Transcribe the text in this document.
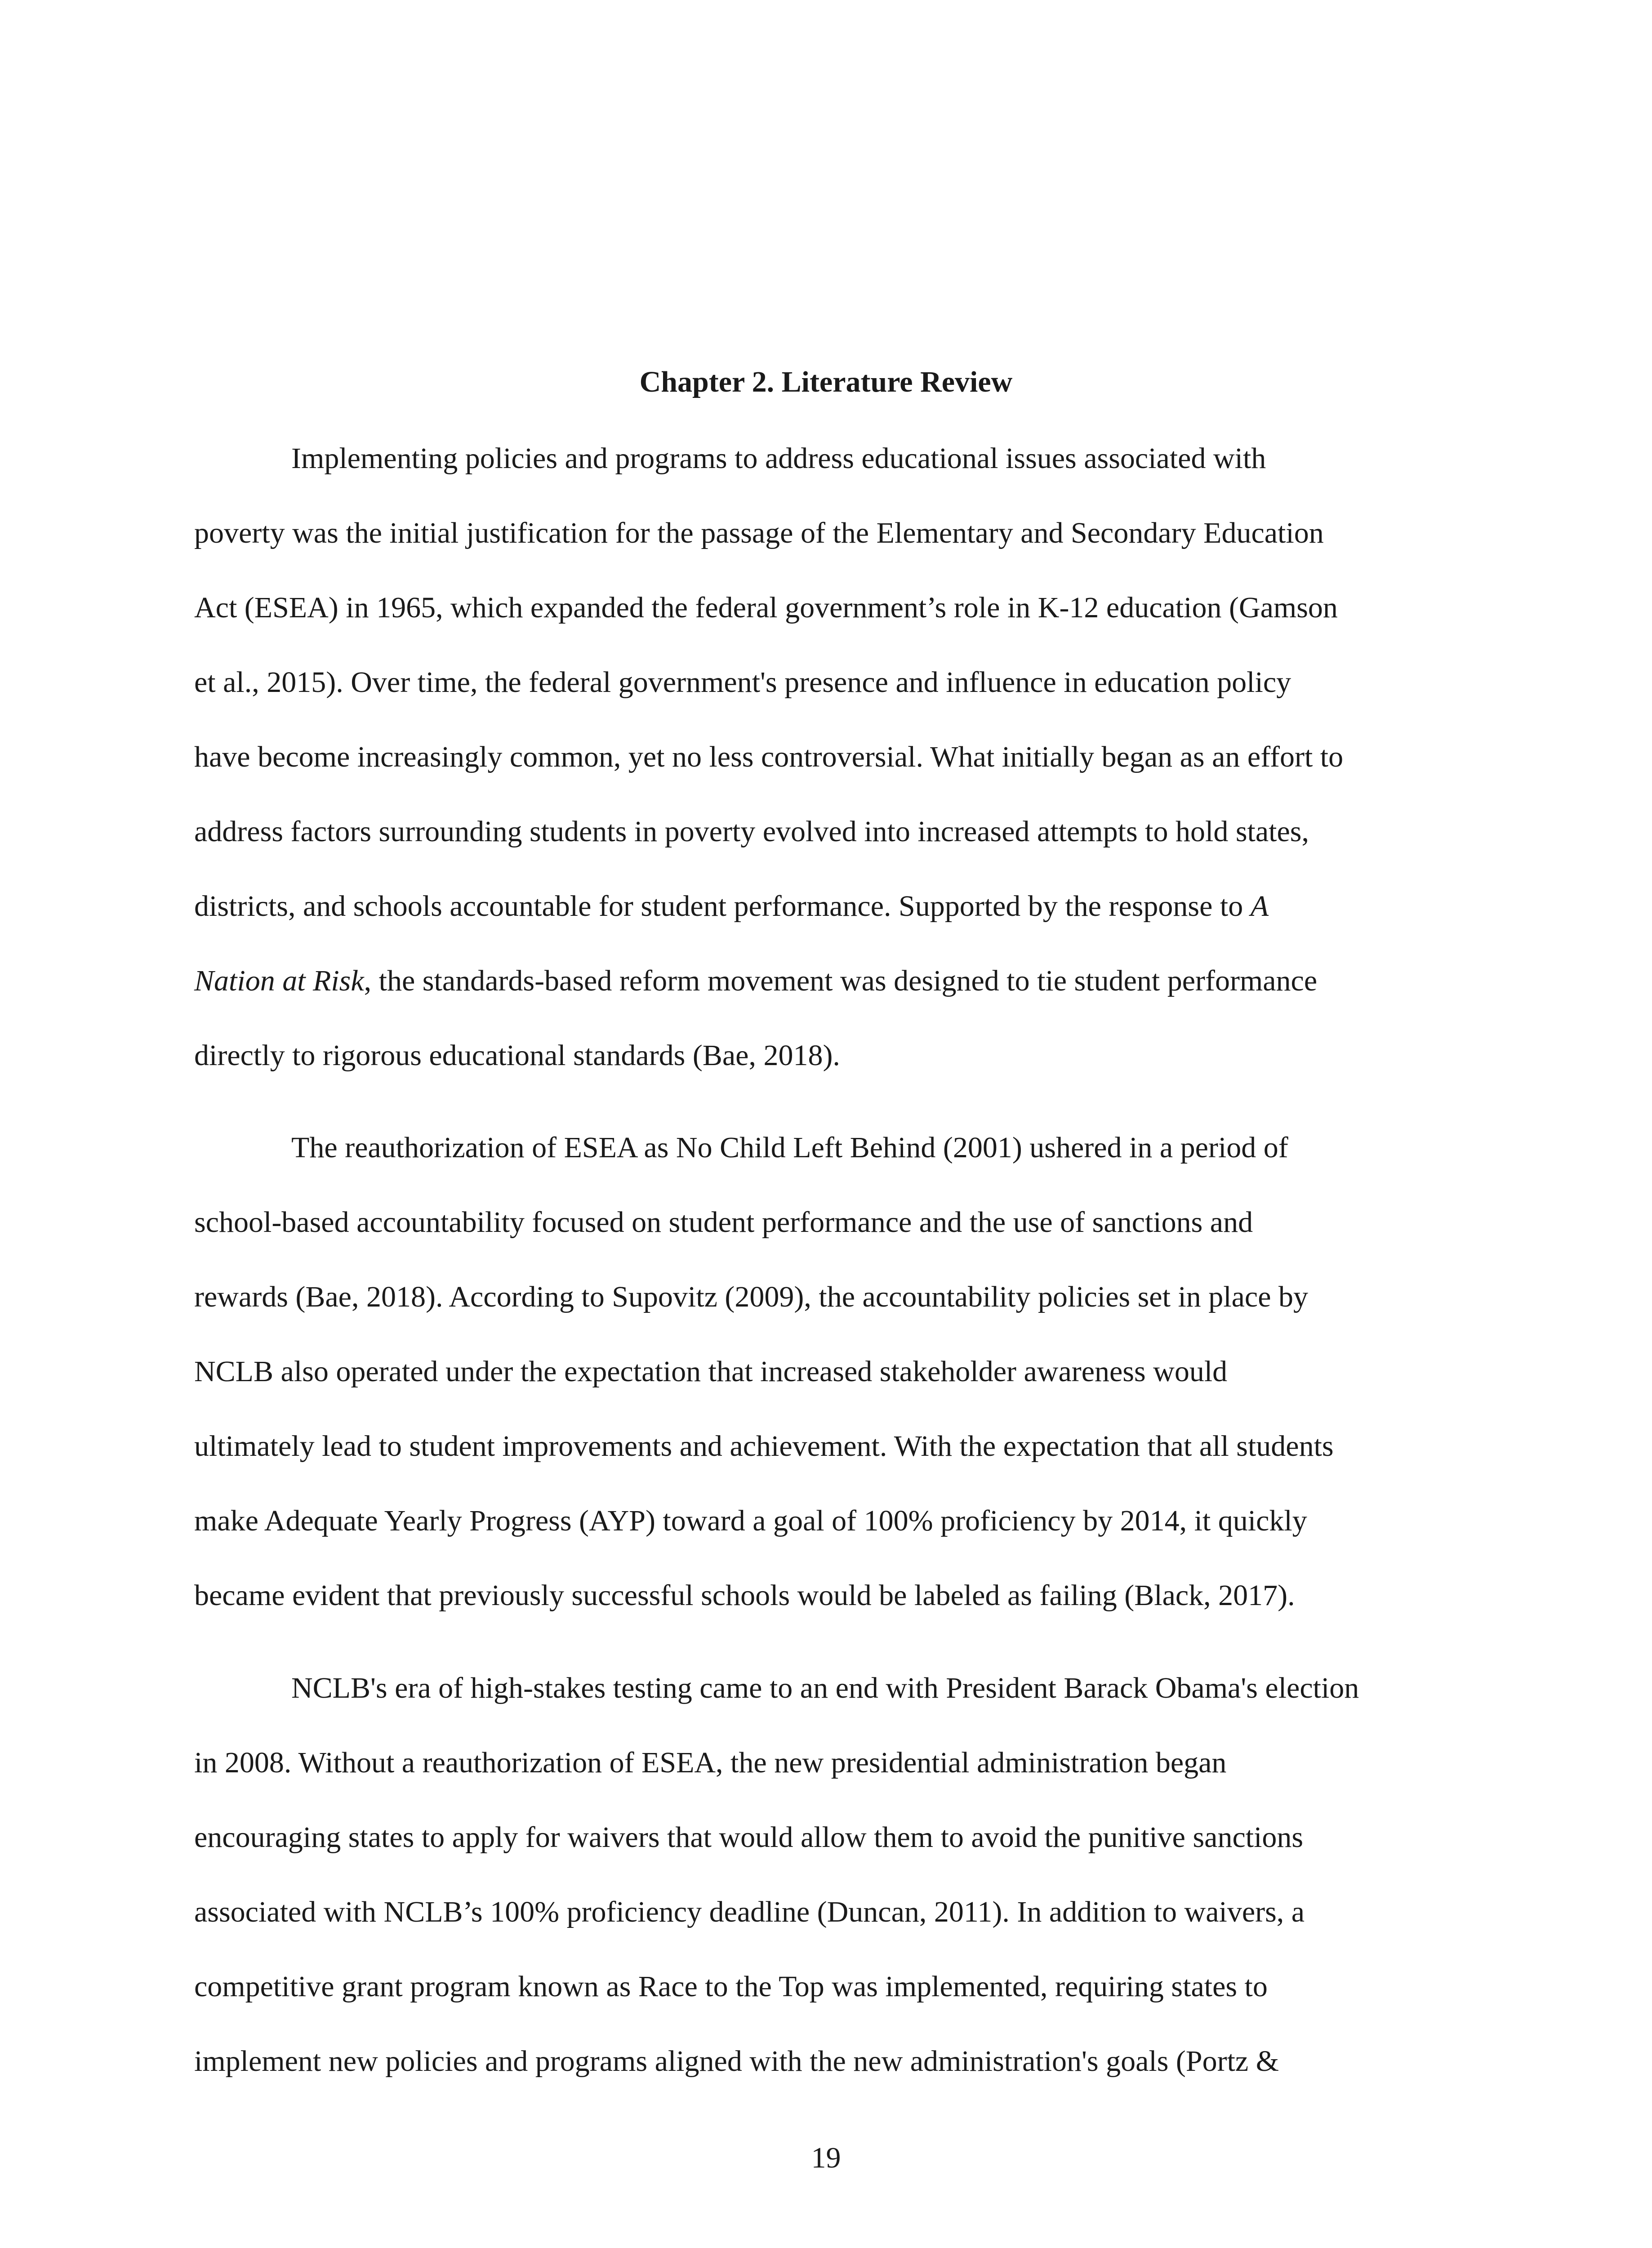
Chapter 2. Literature Review
Implementing policies and programs to address educational issues associated with
poverty was the initial justification for the passage of the Elementary and Secondary Education
Act (ESEA) in 1965, which expanded the federal government’s role in K-12 education (Gamson
et al., 2015). Over time, the federal government's presence and influence in education policy
have become increasingly common, yet no less controversial. What initially began as an effort to
address factors surrounding students in poverty evolved into increased attempts to hold states,
districts, and schools accountable for student performance. Supported by the response to A
Nation at Risk, the standards-based reform movement was designed to tie student performance
directly to rigorous educational standards (Bae, 2018).
The reauthorization of ESEA as No Child Left Behind (2001) ushered in a period of
school-based accountability focused on student performance and the use of sanctions and
rewards (Bae, 2018). According to Supovitz (2009), the accountability policies set in place by
NCLB also operated under the expectation that increased stakeholder awareness would
ultimately lead to student improvements and achievement. With the expectation that all students
make Adequate Yearly Progress (AYP) toward a goal of 100% proficiency by 2014, it quickly
became evident that previously successful schools would be labeled as failing (Black, 2017).
NCLB's era of high-stakes testing came to an end with President Barack Obama's election
in 2008. Without a reauthorization of ESEA, the new presidential administration began
encouraging states to apply for waivers that would allow them to avoid the punitive sanctions
associated with NCLB’s 100% proficiency deadline (Duncan, 2011). In addition to waivers, a
competitive grant program known as Race to the Top was implemented, requiring states to
implement new policies and programs aligned with the new administration's goals (Portz &
19
